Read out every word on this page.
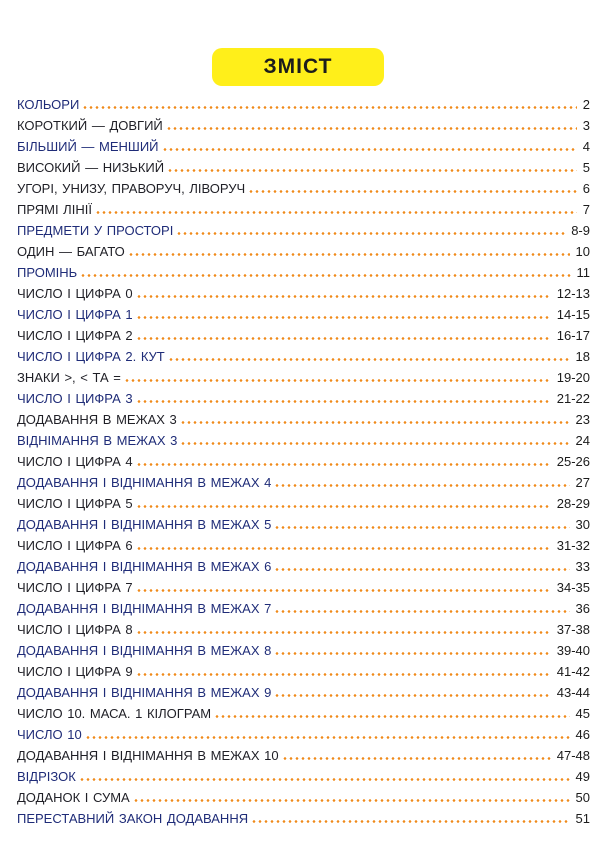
ЗМІСТ
КОЛЬОРИ	2
КОРОТКИЙ — ДОВГИЙ	3
БІЛЬШИЙ — МЕНШИЙ	4
ВИСОКИЙ — НИЗЬКИЙ	5
УГОРІ, УНИЗУ, ПРАВОРУЧ, ЛІВОРУЧ	6
ПРЯМІ ЛІНІЇ	7
ПРЕДМЕТИ У ПРОСТОРІ	8-9
ОДИН — БАГАТО	10
ПРОМІНЬ	11
ЧИСЛО І ЦИФРА 0	12-13
ЧИСЛО І ЦИФРА 1	14-15
ЧИСЛО І ЦИФРА 2	16-17
ЧИСЛО І ЦИФРА 2. КУТ	18
ЗНАКИ >, < ТА =	19-20
ЧИСЛО І ЦИФРА 3	21-22
ДОДАВАННЯ В МЕЖАХ 3	23
ВІДНІМАННЯ В МЕЖАХ 3	24
ЧИСЛО І ЦИФРА 4	25-26
ДОДАВАННЯ І ВІДНІМАННЯ В МЕЖАХ 4	27
ЧИСЛО І ЦИФРА 5	28-29
ДОДАВАННЯ І ВІДНІМАННЯ В МЕЖАХ 5	30
ЧИСЛО І ЦИФРА 6	31-32
ДОДАВАННЯ І ВІДНІМАННЯ В МЕЖАХ 6	33
ЧИСЛО І ЦИФРА 7	34-35
ДОДАВАННЯ І ВІДНІМАННЯ В МЕЖАХ 7	36
ЧИСЛО І ЦИФРА 8	37-38
ДОДАВАННЯ І ВІДНІМАННЯ В МЕЖАХ 8	39-40
ЧИСЛО І ЦИФРА 9	41-42
ДОДАВАННЯ І ВІДНІМАННЯ В МЕЖАХ 9	43-44
ЧИСЛО 10. МАСА. 1 КІЛОГРАМ	45
ЧИСЛО 10	46
ДОДАВАННЯ І ВІДНІМАННЯ В МЕЖАХ 10	47-48
ВІДРІЗОК	49
ДОДАНОК І СУМА	50
ПЕРЕСТАВНИЙ ЗАКОН ДОДАВАННЯ	51
